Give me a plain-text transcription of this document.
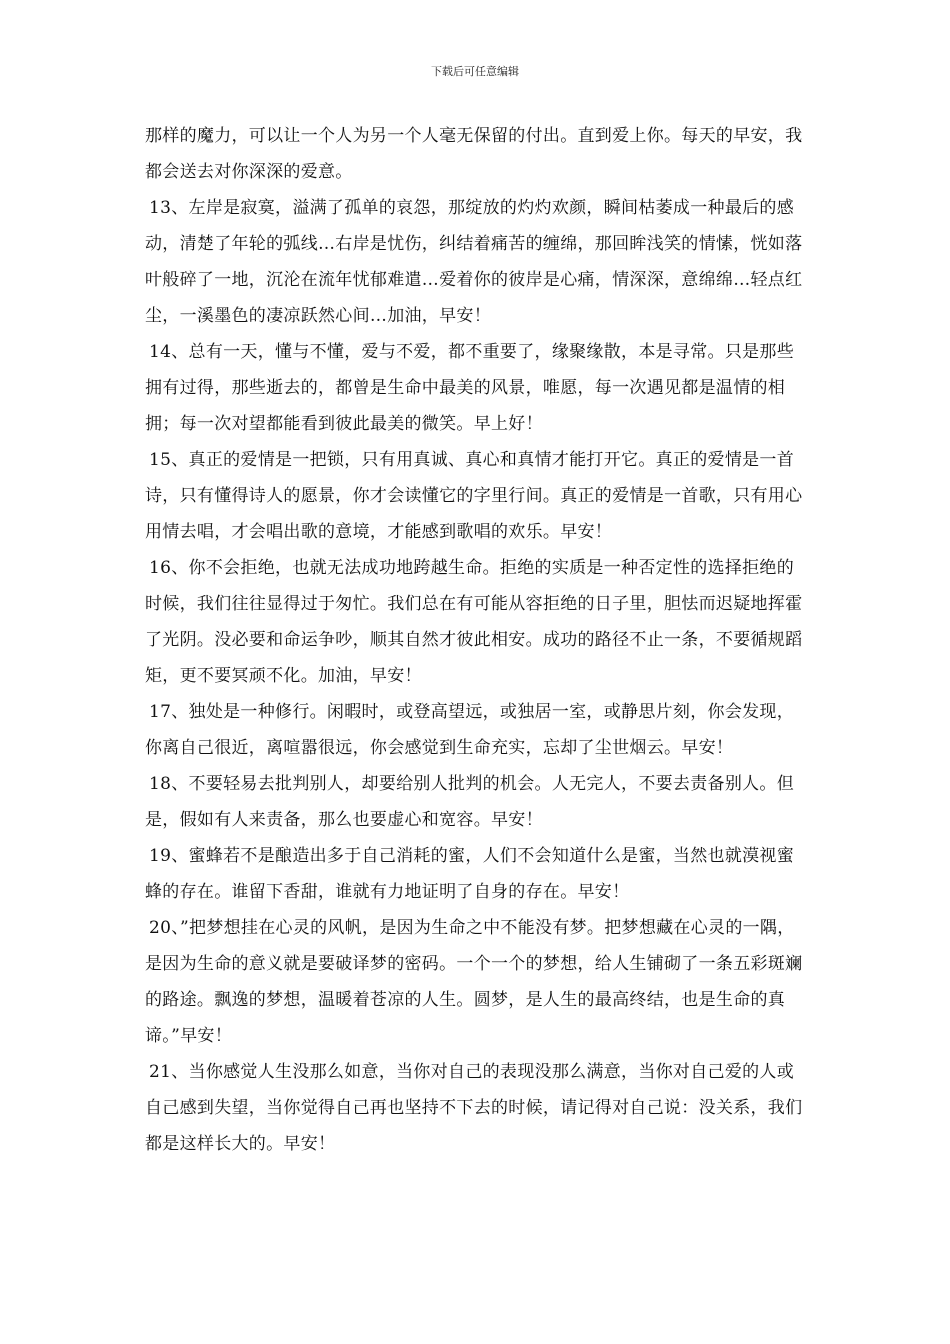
下载后可任意编辑

那样的魔力，可以让一个人为另一个人毫无保留的付出。直到爱上你。每天的早安，我都会送去对你深深的爱意。

13、左岸是寂寞，溢满了孤单的哀怨，那绽放的灼灼欢颜，瞬间枯萎成一种最后的感动，清楚了年轮的弧线…右岸是忧伤，纠结着痛苦的缠绵，那回眸浅笑的情愫，恍如落叶般碎了一地，沉沦在流年忧郁难遣…爱着你的彼岸是心痛，情深深，意绵绵…轻点红尘，一溪墨色的凄凉跃然心间…加油，早安！

14、总有一天，懂与不懂，爱与不爱，都不重要了，缘聚缘散，本是寻常。只是那些拥有过得，那些逝去的，都曾是生命中最美的风景，唯愿，每一次遇见都是温情的相拥；每一次对望都能看到彼此最美的微笑。早上好！

15、真正的爱情是一把锁，只有用真诚、真心和真情才能打开它。真正的爱情是一首诗，只有懂得诗人的愿景，你才会读懂它的字里行间。真正的爱情是一首歌，只有用心用情去唱，才会唱出歌的意境，才能感到歌唱的欢乐。早安！

16、你不会拒绝，也就无法成功地跨越生命。拒绝的实质是一种否定性的选择拒绝的时候，我们往往显得过于匆忙。我们总在有可能从容拒绝的日子里，胆怯而迟疑地挥霍了光阴。没必要和命运争吵，顺其自然才彼此相安。成功的路径不止一条，不要循规蹈矩，更不要冥顽不化。加油，早安！

17、独处是一种修行。闲暇时，或登高望远，或独居一室，或静思片刻，你会发现，你离自己很近，离喧嚣很远，你会感觉到生命充实，忘却了尘世烟云。早安！

18、不要轻易去批判别人，却要给别人批判的机会。人无完人，不要去责备别人。但是，假如有人来责备，那么也要虚心和宽容。早安！

19、蜜蜂若不是酿造出多于自己消耗的蜜，人们不会知道什么是蜜，当然也就漠视蜜蜂的存在。谁留下香甜，谁就有力地证明了自身的存在。早安！

20、”把梦想挂在心灵的风帆，是因为生命之中不能没有梦。把梦想藏在心灵的一隅，是因为生命的意义就是要破译梦的密码。一个一个的梦想，给人生铺砌了一条五彩斑斓的路途。飘逸的梦想，温暖着苍凉的人生。圆梦，是人生的最高终结，也是生命的真谛。”早安！

21、当你感觉人生没那么如意，当你对自己的表现没那么满意，当你对自己爱的人或自己感到失望，当你觉得自己再也坚持不下去的时候，请记得对自己说：没关系，我们都是这样长大的。早安！
